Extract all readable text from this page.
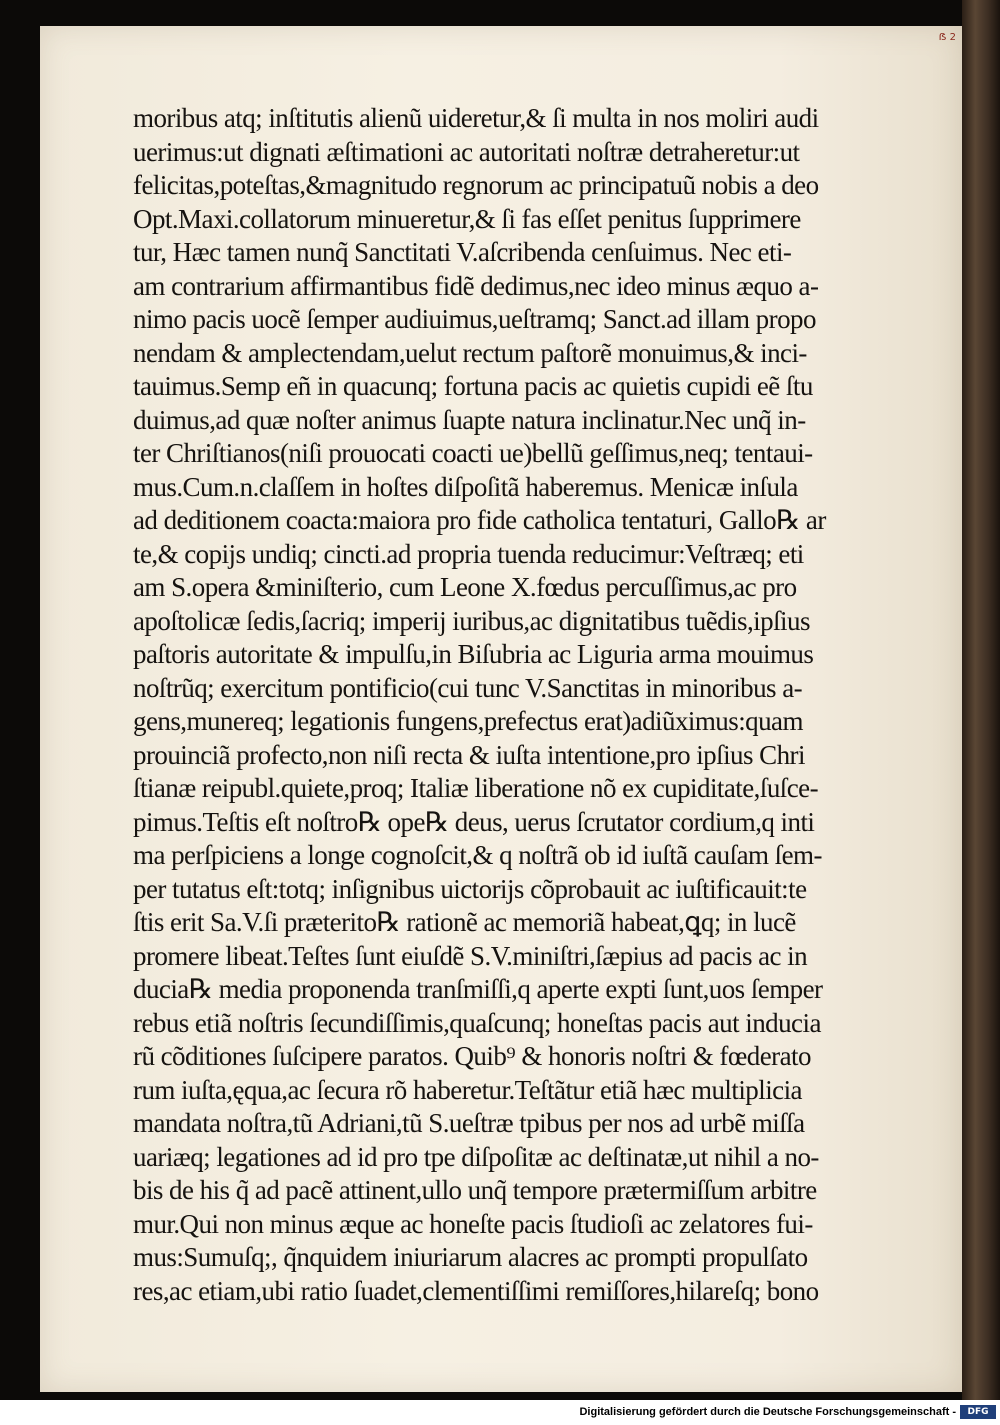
ẞ 2
moribus atq; inſtitutis alienũ uideretur,& ſi multa in nos moliri audi
uerimus:ut dignati æſtimationi ac autoritati noſtræ detraheretur:ut
felicitas,poteſtas,&magnitudo regnorum ac principatuũ nobis a deo
Opt.Maxi.collatorum minueretur,& ſi fas eſſet penitus ſupprimere
tur, Hæc tamen nunq̃ Sanctitati V.aſcribenda cenſuimus. Nec eti-
am contrarium affirmantibus fidẽ dedimus,nec ideo minus æquo a-
nimo pacis uocẽ ſemper audiuimus,ueſtramq; Sanct.ad illam propo
nendam & amplectendam,uelut rectum paſtorẽ monuimus,& inci-
tauimus.Semp eñ in quacunq; fortuna pacis ac quietis cupidi eẽ ſtu
duimus,ad quæ noſter animus ſuapte natura inclinatur.Nec unq̃ in-
ter Chriſtianos(niſi prouocati coacti ue)bellũ geſſimus,neq; tentaui-
mus.Cum.n.claſſem in hoſtes diſpoſitã haberemus. Menicæ inſula
ad deditionem coacta:maiora pro fide catholica tentaturi, Gallo℞ ar
te,& copijs undiq; cincti.ad propria tuenda reducimur:Veſtræq; eti
am S.opera &miniſterio, cum Leone X.fœdus percuſſimus,ac pro
apoſtolicæ ſedis,ſacriq; imperij iuribus,ac dignitatibus tuẽdis,ipſius
paſtoris autoritate & impulſu,in Biſubria ac Liguria arma mouimus
noſtrũq; exercitum pontificio(cui tunc V.Sanctitas in minoribus a-
gens,munereq; legationis fungens,prefectus erat)adiũximus:quam
prouinciã profecto,non niſi recta & iuſta intentione,pro ipſius Chri
ſtianæ reipubl.quiete,proq; Italiæ liberatione nõ ex cupiditate,ſuſce-
pimus.Teſtis eſt noſtro℞ ope℞ deus, uerus ſcrutator cordium,q inti
ma perſpiciens a longe cognoſcit,& q noſtrã ob id iuſtã cauſam ſem-
per tutatus eſt:totq; inſignibus uictorijs cõprobauit ac iuſtificauit:te
ſtis erit Sa.V.ſi præterito℞ rationẽ ac memoriã habeat,ꝗq; in lucẽ
promere libeat.Teſtes ſunt eiuſdẽ S.V.miniſtri,ſæpius ad pacis ac in
ducia℞ media proponenda tranſmiſſi,q aperte expti ſunt,uos ſemper
rebus etiã noſtris ſecundiſſimis,quaſcunq; honeſtas pacis aut inducia
rũ cõditiones ſuſcipere paratos. Quib⁹ & honoris noſtri & fœderato
rum iuſta,ęqua,ac ſecura rõ haberetur.Teſtãtur etiã hæc multiplicia
mandata noſtra,tũ Adriani,tũ S.ueſtræ tpibus per nos ad urbẽ miſſa
uariæq; legationes ad id pro tpe diſpoſitæ ac deſtinatæ,ut nihil a no-
bis de his q̃ ad pacẽ attinent,ullo unq̃ tempore prætermiſſum arbitre
mur.Qui non minus æque ac honeſte pacis ſtudioſi ac zelatores fui-
mus:Sumuſq;, q̃nquidem iniuriarum alacres ac prompti propulſato
res,ac etiam,ubi ratio ſuadet,clementiſſimi remiſſores,hilareſq; bono
Digitalisierung gefördert durch die Deutsche Forschungsgemeinschaft -	DFG
